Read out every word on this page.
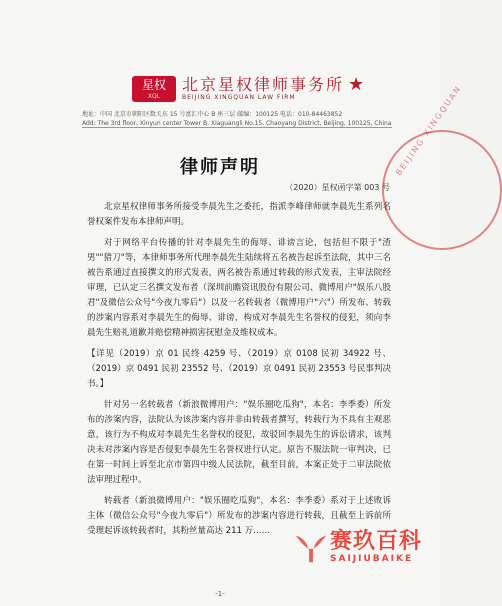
星权
XQL
北京星权律师事务所
BEIJING XINGQUAN LAW FIRM
★
地址：中国 北京市朝阳区数关东 15 号富汇中心 B 座三层 邮编：100125 电话：010-84463852
Add: The 3rd floor, Xinyun center Tower B, Xiaguangli No.15, Chaoyang District, Beijing, 100125, China BEIJING XINGQUAN
律师声明
（2020）星权函字第 003 号

北京星权律师事务所接受李晨先生之委托，指派李峰律师就李晨先生系列名誉权案件发布本律师声明。

对于网络平台传播的针对李晨先生的侮辱、诽谤言论，包括但不限于"渣男""猎刀"等，本律师事务所代理李晨先生陆续将五名被告起诉至法院，其中三名被告系通过直接撰文的形式发表，两名被告系通过转载的形式发表，主审法院经审理，已认定三名撰文发布者（深圳前瞻资讯股份有限公司、微博用户"娱乐八股君"及微信公众号"今夜九零后"）以及一名转载者（微博用户"六"）所发布、转载的涉案内容系对李晨先生的侮辱、诽谤，构成对李晨先生名誉权的侵犯，须向李晨先生赔礼道歉并赔偿精神损害抚慰金及维权成本。

【详见（2019）京 01 民终 4259 号、（2019）京 0108 民初 34922 号、（2019）京 0491 民初 23552 号、（2019）京 0491 民初 23553 号民事判决书。】

针对另一名转载者（新浪微博用户："娱乐圈吃瓜狗"，本名：李季委）所发布的涉案内容，法院认为该涉案内容并非由转载者撰写，转载行为不具有主观恶意，该行为不构成对李晨先生名誉权的侵犯，故驳回李晨先生的诉讼请求，该判决未对涉案内容是否侵犯李晨先生名誉权进行认定。原告不服法院一审判决，已在第一时间上诉至北京市第四中级人民法院，截至目前，本案正处于二审法院依法审理过程中。

转载者（新浪微博用户："娱乐圈吃瓜狗"，本名：李季委）系对于上述败诉主体（微信公众号"今夜九零后"）所发布的涉案内容进行转载，且截至上诉前所受理起诉该转载者时，其粉丝量高达 211 万……	赛玖百科
SAIJIUBAIKE
-1-
